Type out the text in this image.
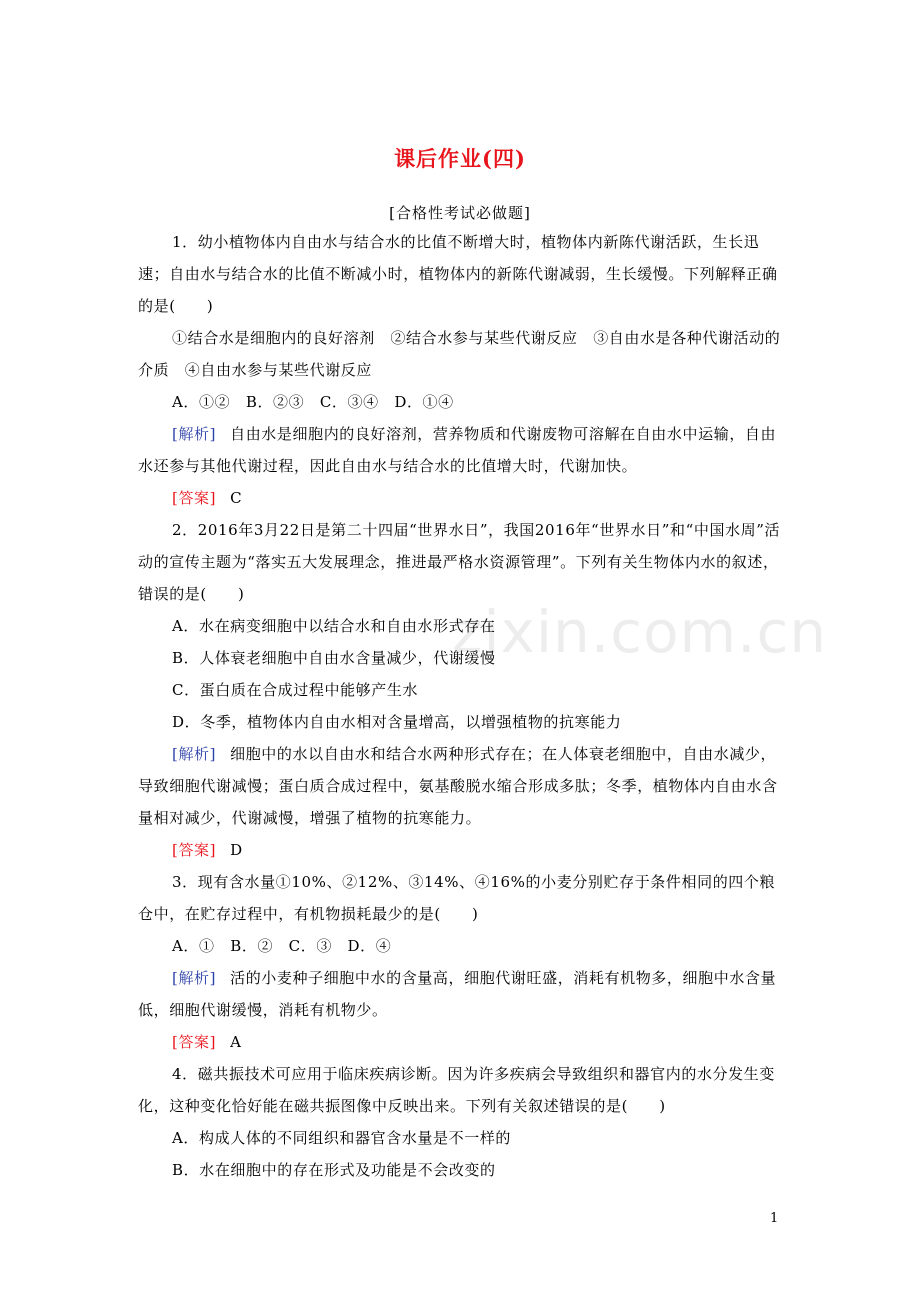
课后作业(四)
[合格性考试必做题]

1．幼小植物体内自由水与结合水的比值不断增大时，植物体内新陈代谢活跃，生长迅速；自由水与结合水的比值不断减小时，植物体内的新陈代谢减弱，生长缓慢。下列解释正确的是(　　)

①结合水是细胞内的良好溶剂　②结合水参与某些代谢反应　③自由水是各种代谢活动的介质　④自由水参与某些代谢反应

A．①②　B．②③　C．③④　D．①④

[解析] 自由水是细胞内的良好溶剂，营养物质和代谢废物可溶解在自由水中运输，自由水还参与其他代谢过程，因此自由水与结合水的比值增大时，代谢加快。

[答案] C

2．2016年3月22日是第二十四届“世界水日”，我国2016年“世界水日”和“中国水周”活动的宣传主题为“落实五大发展理念，推进最严格水资源管理”。下列有关生物体内水的叙述，错误的是(　　)

A．水在病变细胞中以结合水和自由水形式存在

B．人体衰老细胞中自由水含量减少，代谢缓慢

C．蛋白质在合成过程中能够产生水

D．冬季，植物体内自由水相对含量增高，以增强植物的抗寒能力

[解析] 细胞中的水以自由水和结合水两种形式存在；在人体衰老细胞中，自由水减少，导致细胞代谢减慢；蛋白质合成过程中，氨基酸脱水缩合形成多肽；冬季，植物体内自由水含量相对减少，代谢减慢，增强了植物的抗寒能力。

[答案] D

3．现有含水量①10%、②12%、③14%、④16%的小麦分别贮存于条件相同的四个粮仓中，在贮存过程中，有机物损耗最少的是(　　)

A．①　B．②　C．③　D．④

[解析] 活的小麦种子细胞中水的含量高，细胞代谢旺盛，消耗有机物多，细胞中水含量低，细胞代谢缓慢，消耗有机物少。

[答案] A

4．磁共振技术可应用于临床疾病诊断。因为许多疾病会导致组织和器官内的水分发生变化，这种变化恰好能在磁共振图像中反映出来。下列有关叙述错误的是(　　)

A．构成人体的不同组织和器官含水量是不一样的

B．水在细胞中的存在形式及功能是不会改变的

zixin.com.cn
1
